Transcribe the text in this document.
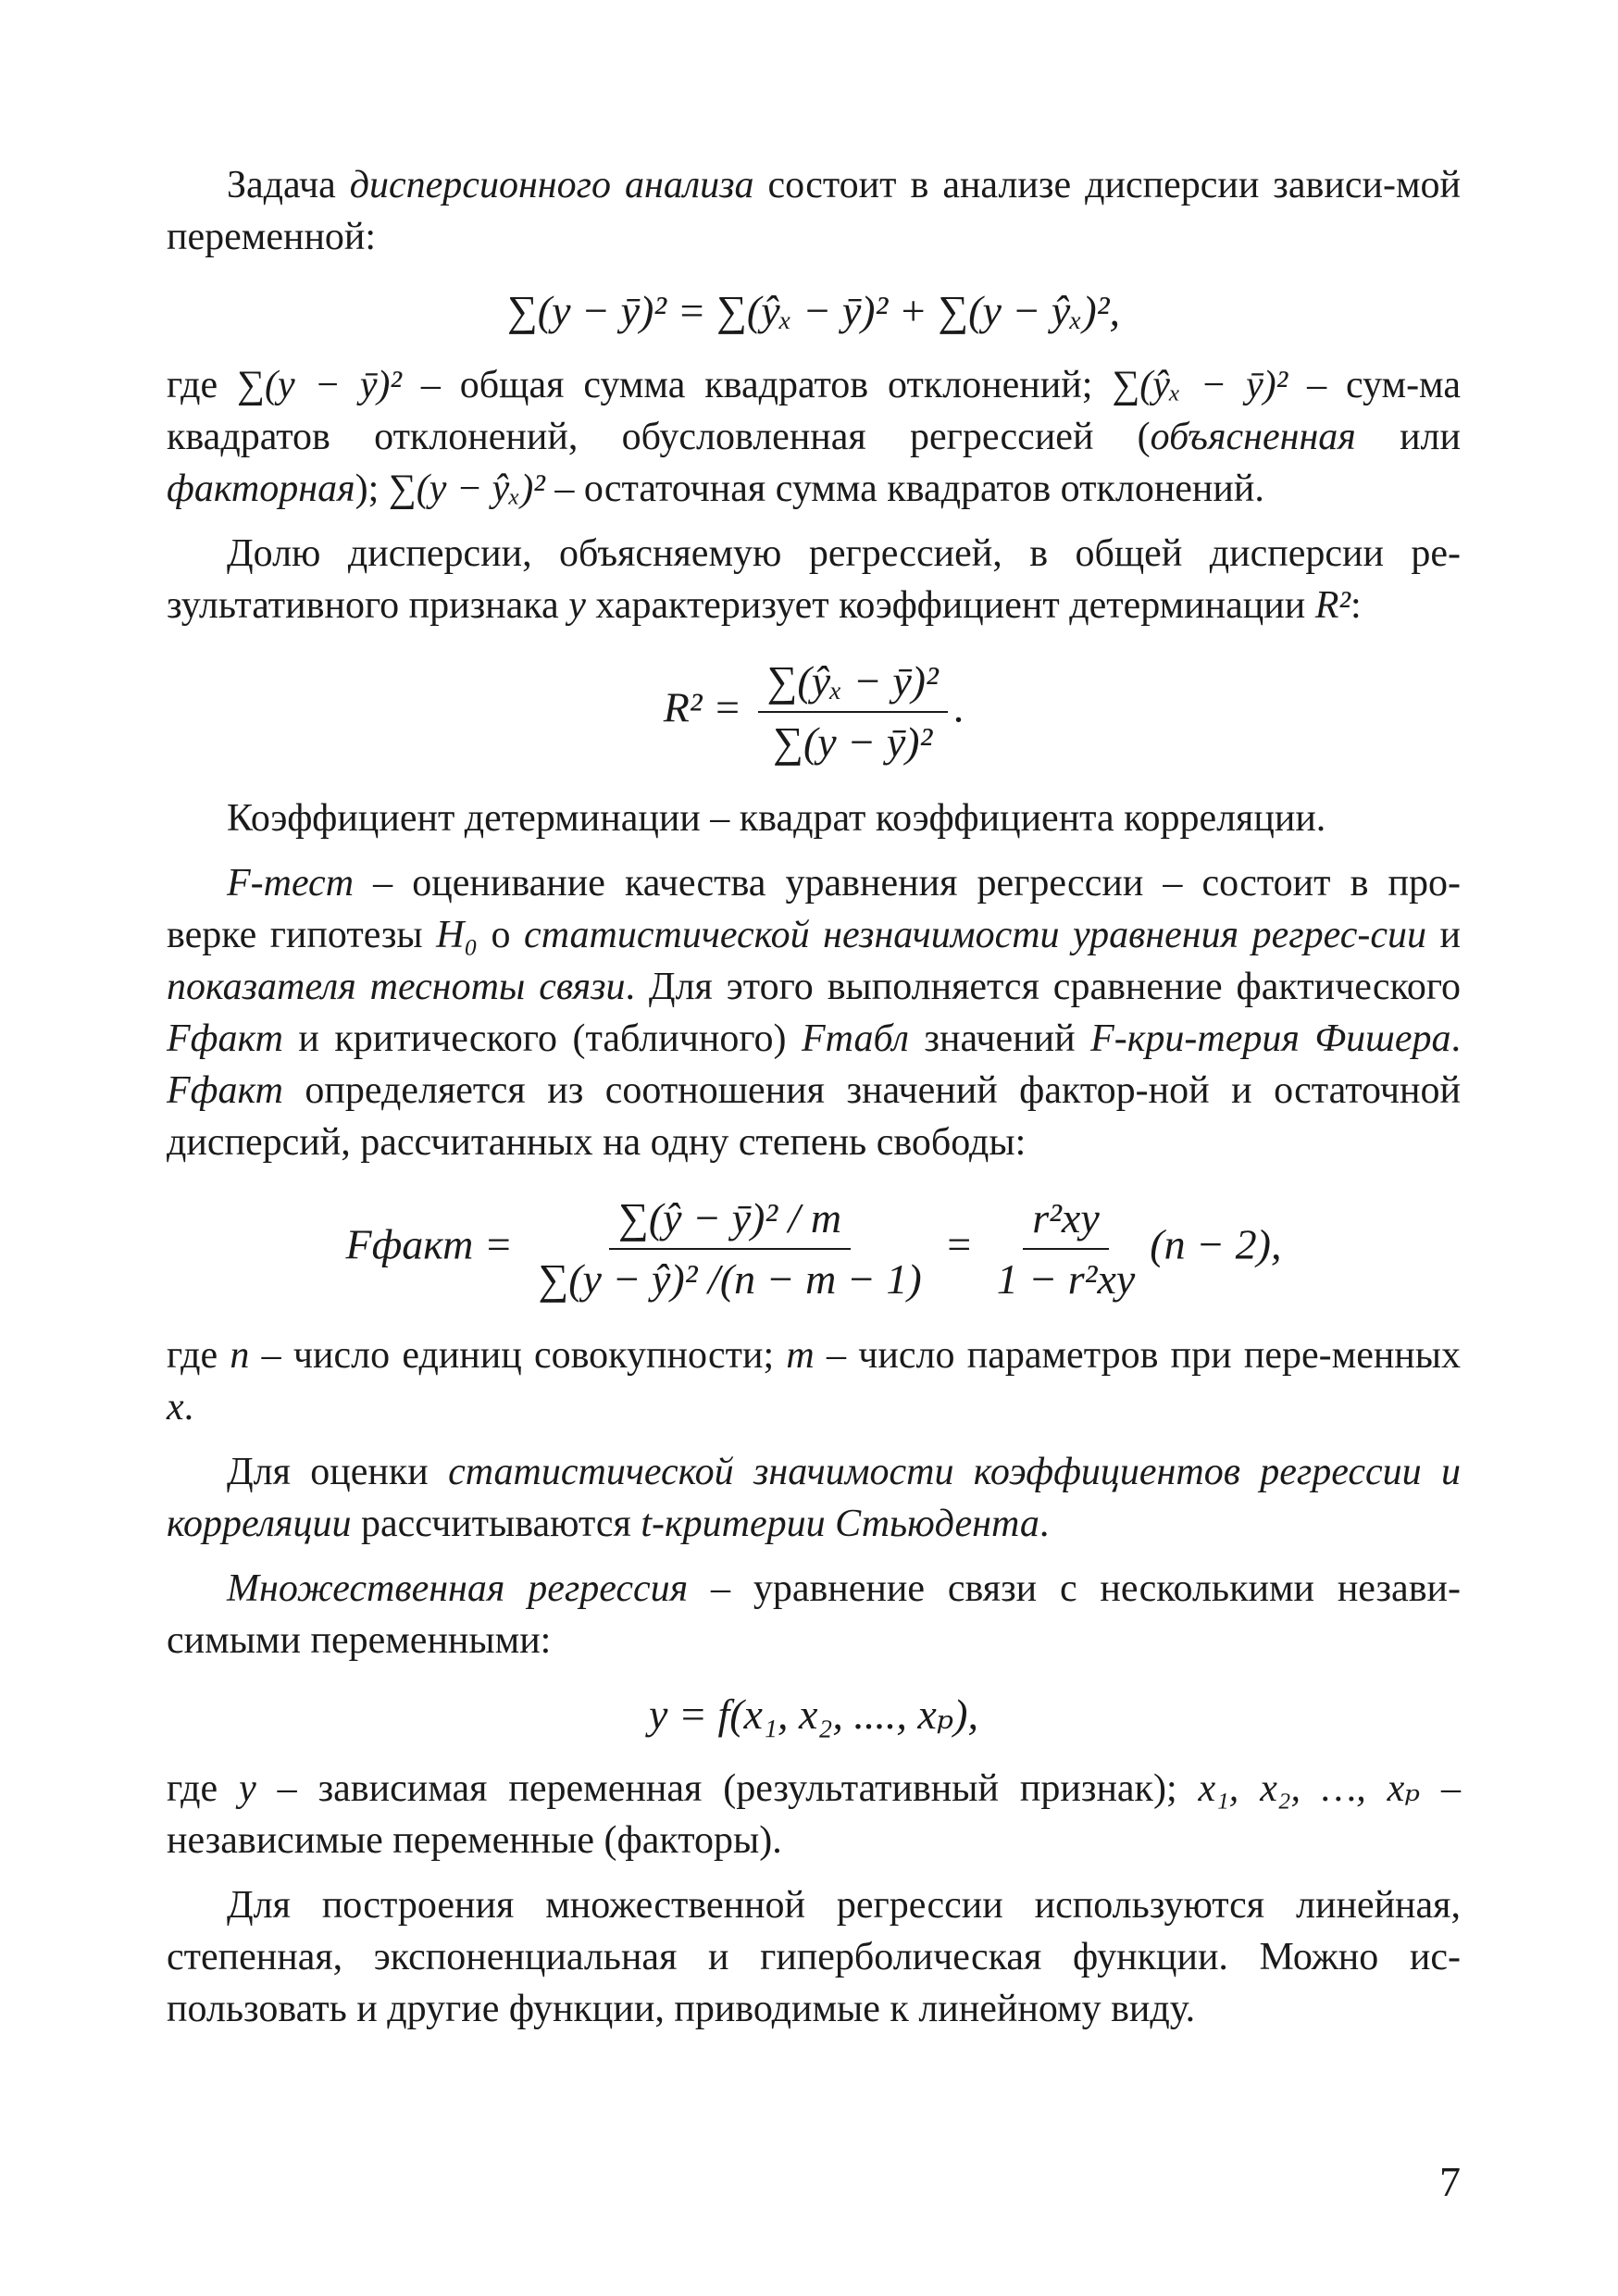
Задача дисперсионного анализа состоит в анализе дисперсии зависи-мой переменной:

∑(y − ȳ)² = ∑(ŷₓ − ȳ)² + ∑(y − ŷₓ)²,

где ∑(y − ȳ)² – общая сумма квадратов отклонений; ∑(ŷₓ − ȳ)² – сум-ма квадратов отклонений, обусловленная регрессией (объясненная или факторная); ∑(y − ŷₓ)² – остаточная сумма квадратов отклонений.

Долю дисперсии, объясняемую регрессией, в общей дисперсии ре-зультативного признака y характеризует коэффициент детерминации R²:

$R^2 = \frac{\text{∑(ŷₓ − ȳ)²}}{\text{∑(y − ȳ)²}}$ .

Коэффициент детерминации – квадрат коэффициента корреляции.

F-тест – оценивание качества уравнения регрессии – состоит в про-верке гипотезы H₀ о статистической незначимости уравнения регрес-сии и показателя тесноты связи. Для этого выполняется сравнение фактического Fфакт и критического (табличного) Fтабл значений F-кри-терия Фишера. Fфакт определяется из соотношения значений фактор-ной и остаточной дисперсий, рассчитанных на одну степень свободы:

Fфакт = $\frac{\text{∑(ŷ − ȳ)² / m}}{\text{∑(y − ŷ)² /(n − m − 1)}} = \frac{\text{r²xy}}{\text{1 − r²xy}} (n - 2)$,

где n – число единиц совокупности; m – число параметров при пере-менных x.

Для оценки статистической значимости коэффициентов регрессии и корреляции рассчитываются t-критерии Стьюдента.

Множественная регрессия – уравнение связи с несколькими незави-симыми переменными:

y = f(x₁, x₂, ...., xₚ),

где y – зависимая переменная (результативный признак); x₁, x₂, …, xₚ – независимые переменные (факторы).

Для построения множественной регрессии используются линейная, степенная, экспоненциальная и гиперболическая функции. Можно ис-пользовать и другие функции, приводимые к линейному виду.

7
